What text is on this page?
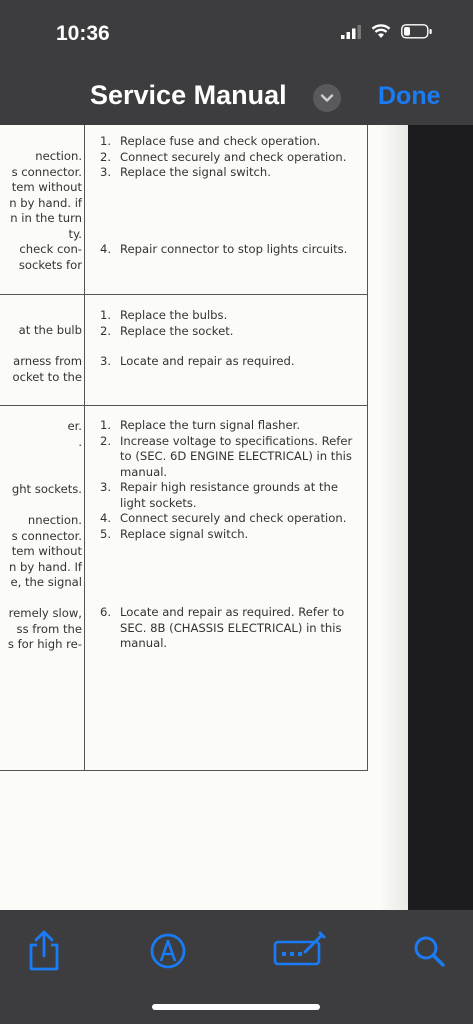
10:36
Service Manual	Done
nection.
s connector.
tem without
n by hand. if
n in the turn
ty.
check con-
sockets for
1. Replace fuse and check operation.
2. Connect securely and check operation.
3. Replace the signal switch.
4. Repair connector to stop lights circuits.
at the bulb
arness from
ocket to the
1. Replace the bulbs.
2. Replace the socket.
3. Locate and repair as required.
er.
.
ght sockets.
nnection.
s connector.
tem without
n by hand. If
e, the signal
remely slow,
ss from the
s for high re-
1. Replace the turn signal flasher.
2. Increase voltage to specifications. Refer to (SEC. 6D ENGINE ELECTRICAL) in this manual.
3. Repair high resistance grounds at the light sockets.
4. Connect securely and check operation.
5. Replace signal switch.
6. Locate and repair as required. Refer to SEC. 8B (CHASSIS ELECTRICAL) in this manual.
